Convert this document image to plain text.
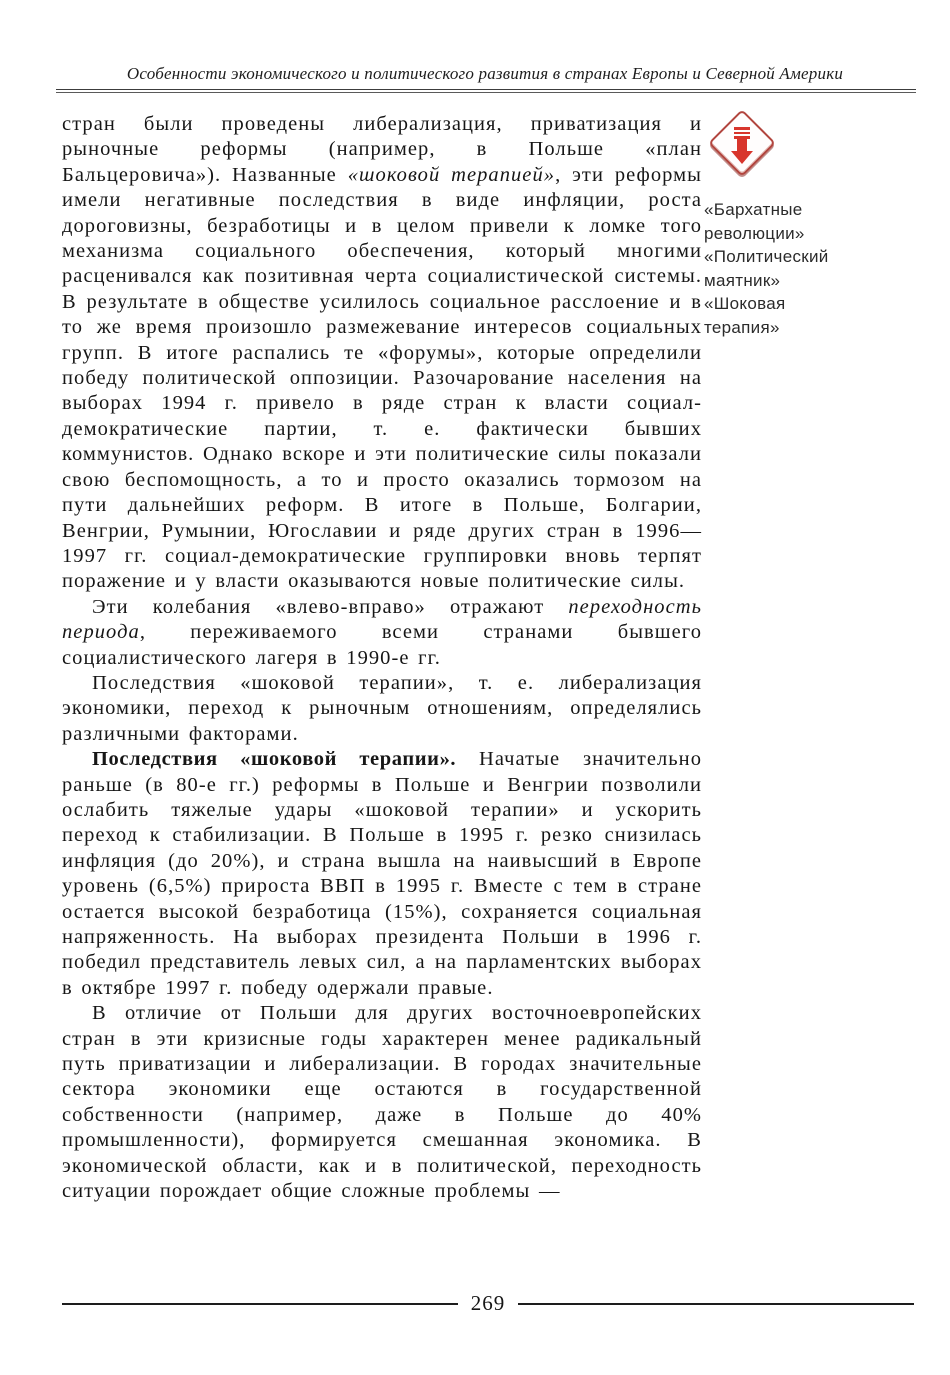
Особенности экономического и политического развития в странах Европы и Северной Америки

стран были проведены либерализация, приватизация и рыночные реформы (например, в Польше «план Бальцеровича»). Названные «шоковой терапией», эти реформы имели негативные последствия в виде инфляции, роста дороговизны, безработицы и в целом привели к ломке того механизма социального обеспечения, который многими расценивался как позитивная черта социалистической системы. В результате в обществе усилилось социальное расслоение и в то же время произошло размежевание интересов социальных групп. В итоге распались те «форумы», которые определили победу политической оппозиции. Разочарование населения на выборах 1994 г. привело в ряде стран к власти социал-демократические партии, т. е. фактически бывших коммунистов. Однако вскоре и эти политические силы показали свою беспомощность, а то и просто оказались тормозом на пути дальнейших реформ. В итоге в Польше, Болгарии, Венгрии, Румынии, Югославии и ряде других стран в 1996—1997 гг. социал-демократические группировки вновь терпят поражение и у власти оказываются новые политические силы.

Эти колебания «влево-вправо» отражают переходность периода, переживаемого всеми странами бывшего социалистического лагеря в 1990-е гг.

Последствия «шоковой терапии», т. е. либерализация экономики, переход к рыночным отношениям, определялись различными факторами.

Последствия «шоковой терапии». Начатые значительно раньше (в 80-е гг.) реформы в Польше и Венгрии позволили ослабить тяжелые удары «шоковой терапии» и ускорить переход к стабилизации. В Польше в 1995 г. резко снизилась инфляция (до 20%), и страна вышла на наивысший в Европе уровень (6,5%) прироста ВВП в 1995 г. Вместе с тем в стране остается высокой безработица (15%), сохраняется социальная напряженность. На выборах президента Польши в 1996 г. победил представитель левых сил, а на парламентских выборах в октябре 1997 г. победу одержали правые.

В отличие от Польши для других восточноевропейских стран в эти кризисные годы характерен менее радикальный путь приватизации и либерализации. В городах значительные сектора экономики еще остаются в государственной собственности (например, даже в Польше до 40% промышленности), формируется смешанная экономика. В экономической области, как и в политической, переходность ситуации порождает общие сложные проблемы —

«Бархатные революции»
«Политический маятник»
«Шоковая терапия»
269
